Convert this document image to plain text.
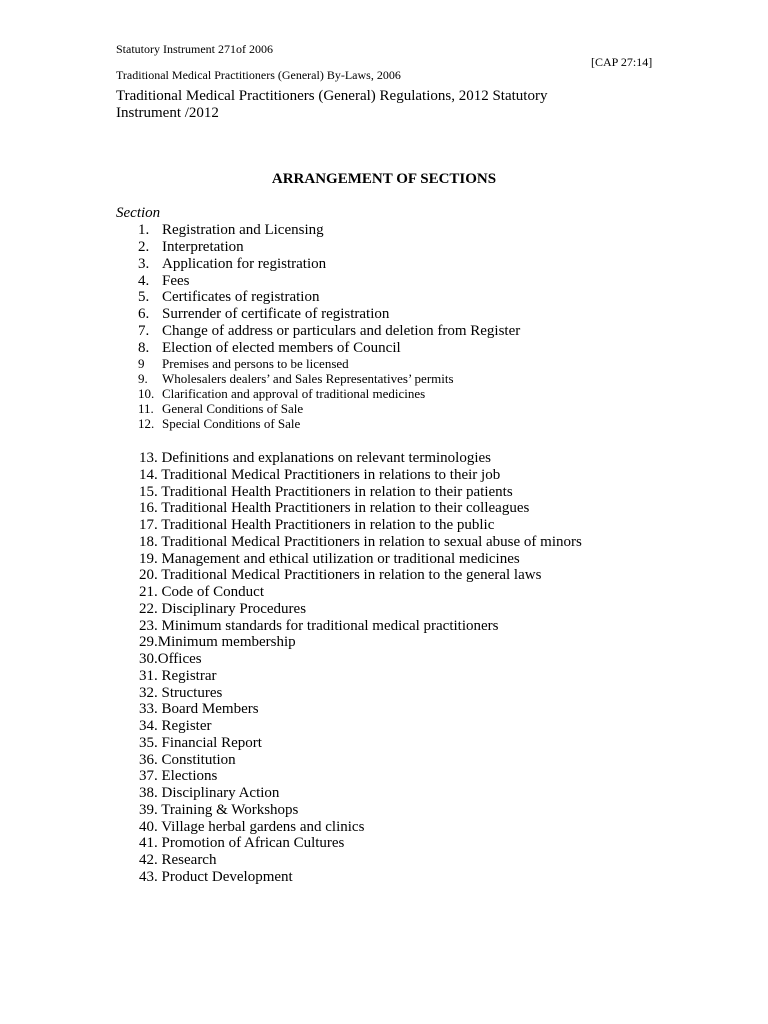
Statutory Instrument 271of 2006
[CAP 27:14]
Traditional Medical Practitioners (General) By-Laws, 2006
Traditional Medical Practitioners (General) Regulations, 2012 Statutory Instrument /2012
ARRANGEMENT OF SECTIONS
Section
1. Registration and Licensing
2. Interpretation
3. Application for registration
4. Fees
5. Certificates of registration
6. Surrender of certificate of registration
7. Change of address or particulars and deletion from Register
8. Election of elected members of Council
9	Premises and persons to be licensed
9.	Wholesalers dealers’ and Sales Representatives’ permits
10. Clarification and approval of traditional medicines
11. General Conditions of Sale
12. Special Conditions of Sale
13. Definitions and explanations on relevant terminologies
14. Traditional Medical Practitioners in relations to their job
15. Traditional Health Practitioners in relation to their patients
16. Traditional Health Practitioners in relation to their colleagues
17. Traditional Health Practitioners in relation to the public
18. Traditional Medical Practitioners in relation to sexual abuse of minors
19. Management and ethical utilization or traditional medicines
20. Traditional Medical Practitioners in relation to the general laws
21. Code of Conduct
22. Disciplinary Procedures
23. Minimum standards for traditional medical practitioners
29.Minimum membership
30.Offices
31. Registrar
32. Structures
33. Board Members
34. Register
35. Financial Report
36. Constitution
37. Elections
38. Disciplinary Action
39. Training & Workshops
40. Village herbal gardens and clinics
41. Promotion of African Cultures
42. Research
43. Product Development
